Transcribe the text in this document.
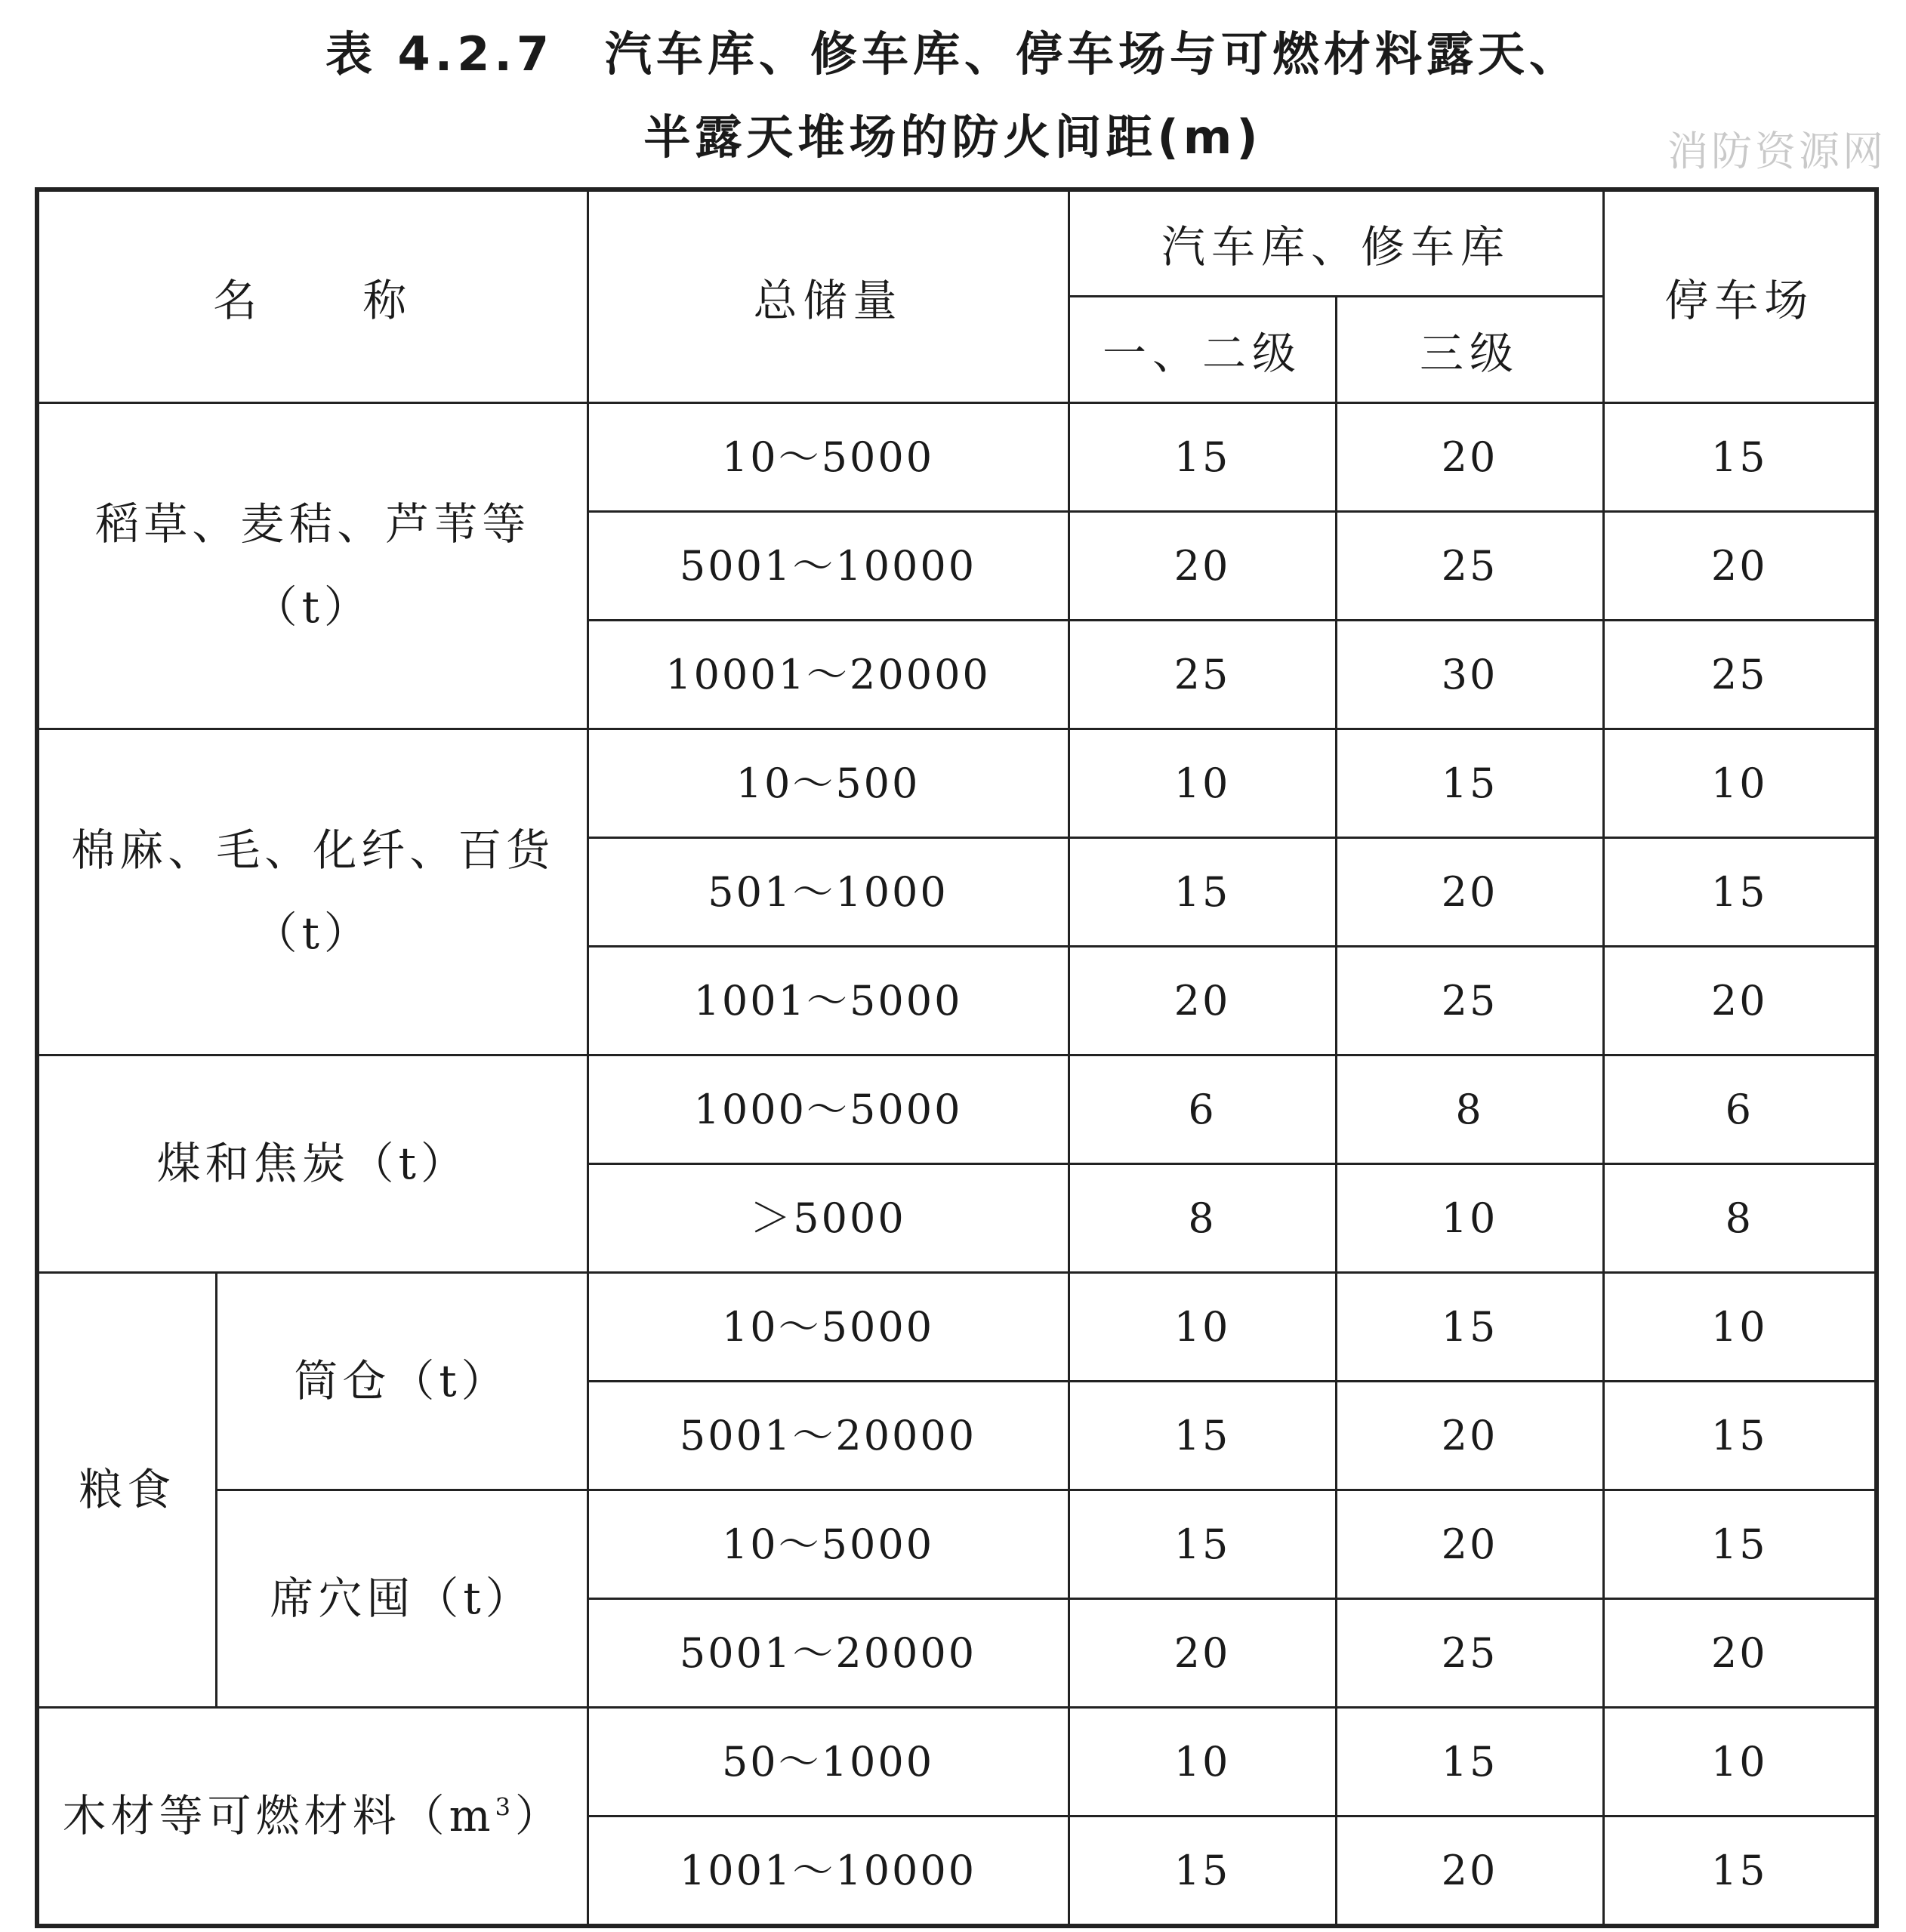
表 4.2.7　汽车库、修车库、停车场与可燃材料露天、
半露天堆场的防火间距(m)	消防资源网
名　　称		总储量	汽车库、修车库		停车场
			一、二级	三级	

稻草、麦秸、芦苇等
（t）		10～5000	15	20	15
		5001～10000	20	25	20
		10001～20000	25	30	25

棉麻、毛、化纤、百货
（t）		10～500	10	15	10
		501～1000	15	20	15
		1001～5000	20	25	20
煤和焦炭（t）		1000～5000	6	8	6
		＞5000	8	10	8
粮食	筒仓（t）	10～5000	10	15	10
		5001～20000	15	20	15
	席穴囤（t）	10～5000	15	20	15
		5001～20000	20	25	20
木材等可燃材料$(m^3)$		50～1000	10	15	10
		1001～10000	15	20	15
